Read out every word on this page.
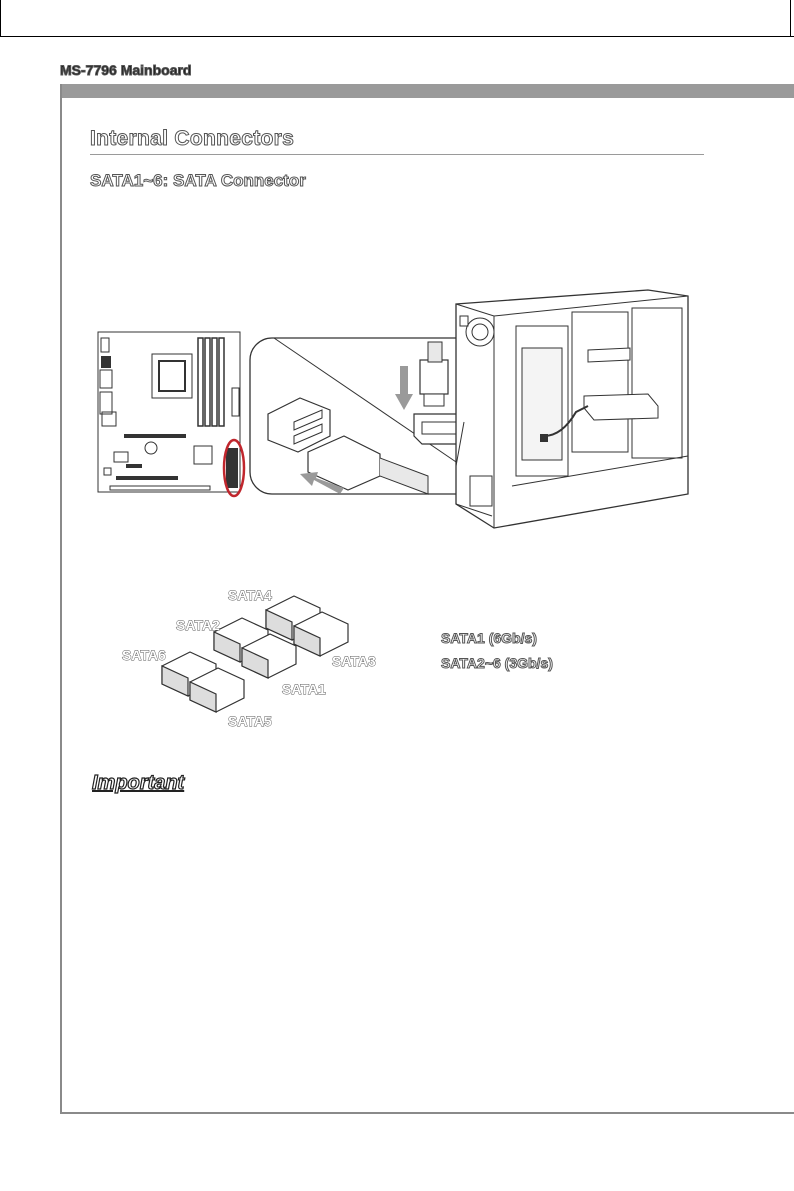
MS-7796 Mainboard
Internal Connectors
SATA1~6: SATA Connector
SATA4
SATA2
SATA6	SATA3
SATA1
SATA5
SATA1 (6Gb/s)
SATA2~6 (3Gb/s)
Important
